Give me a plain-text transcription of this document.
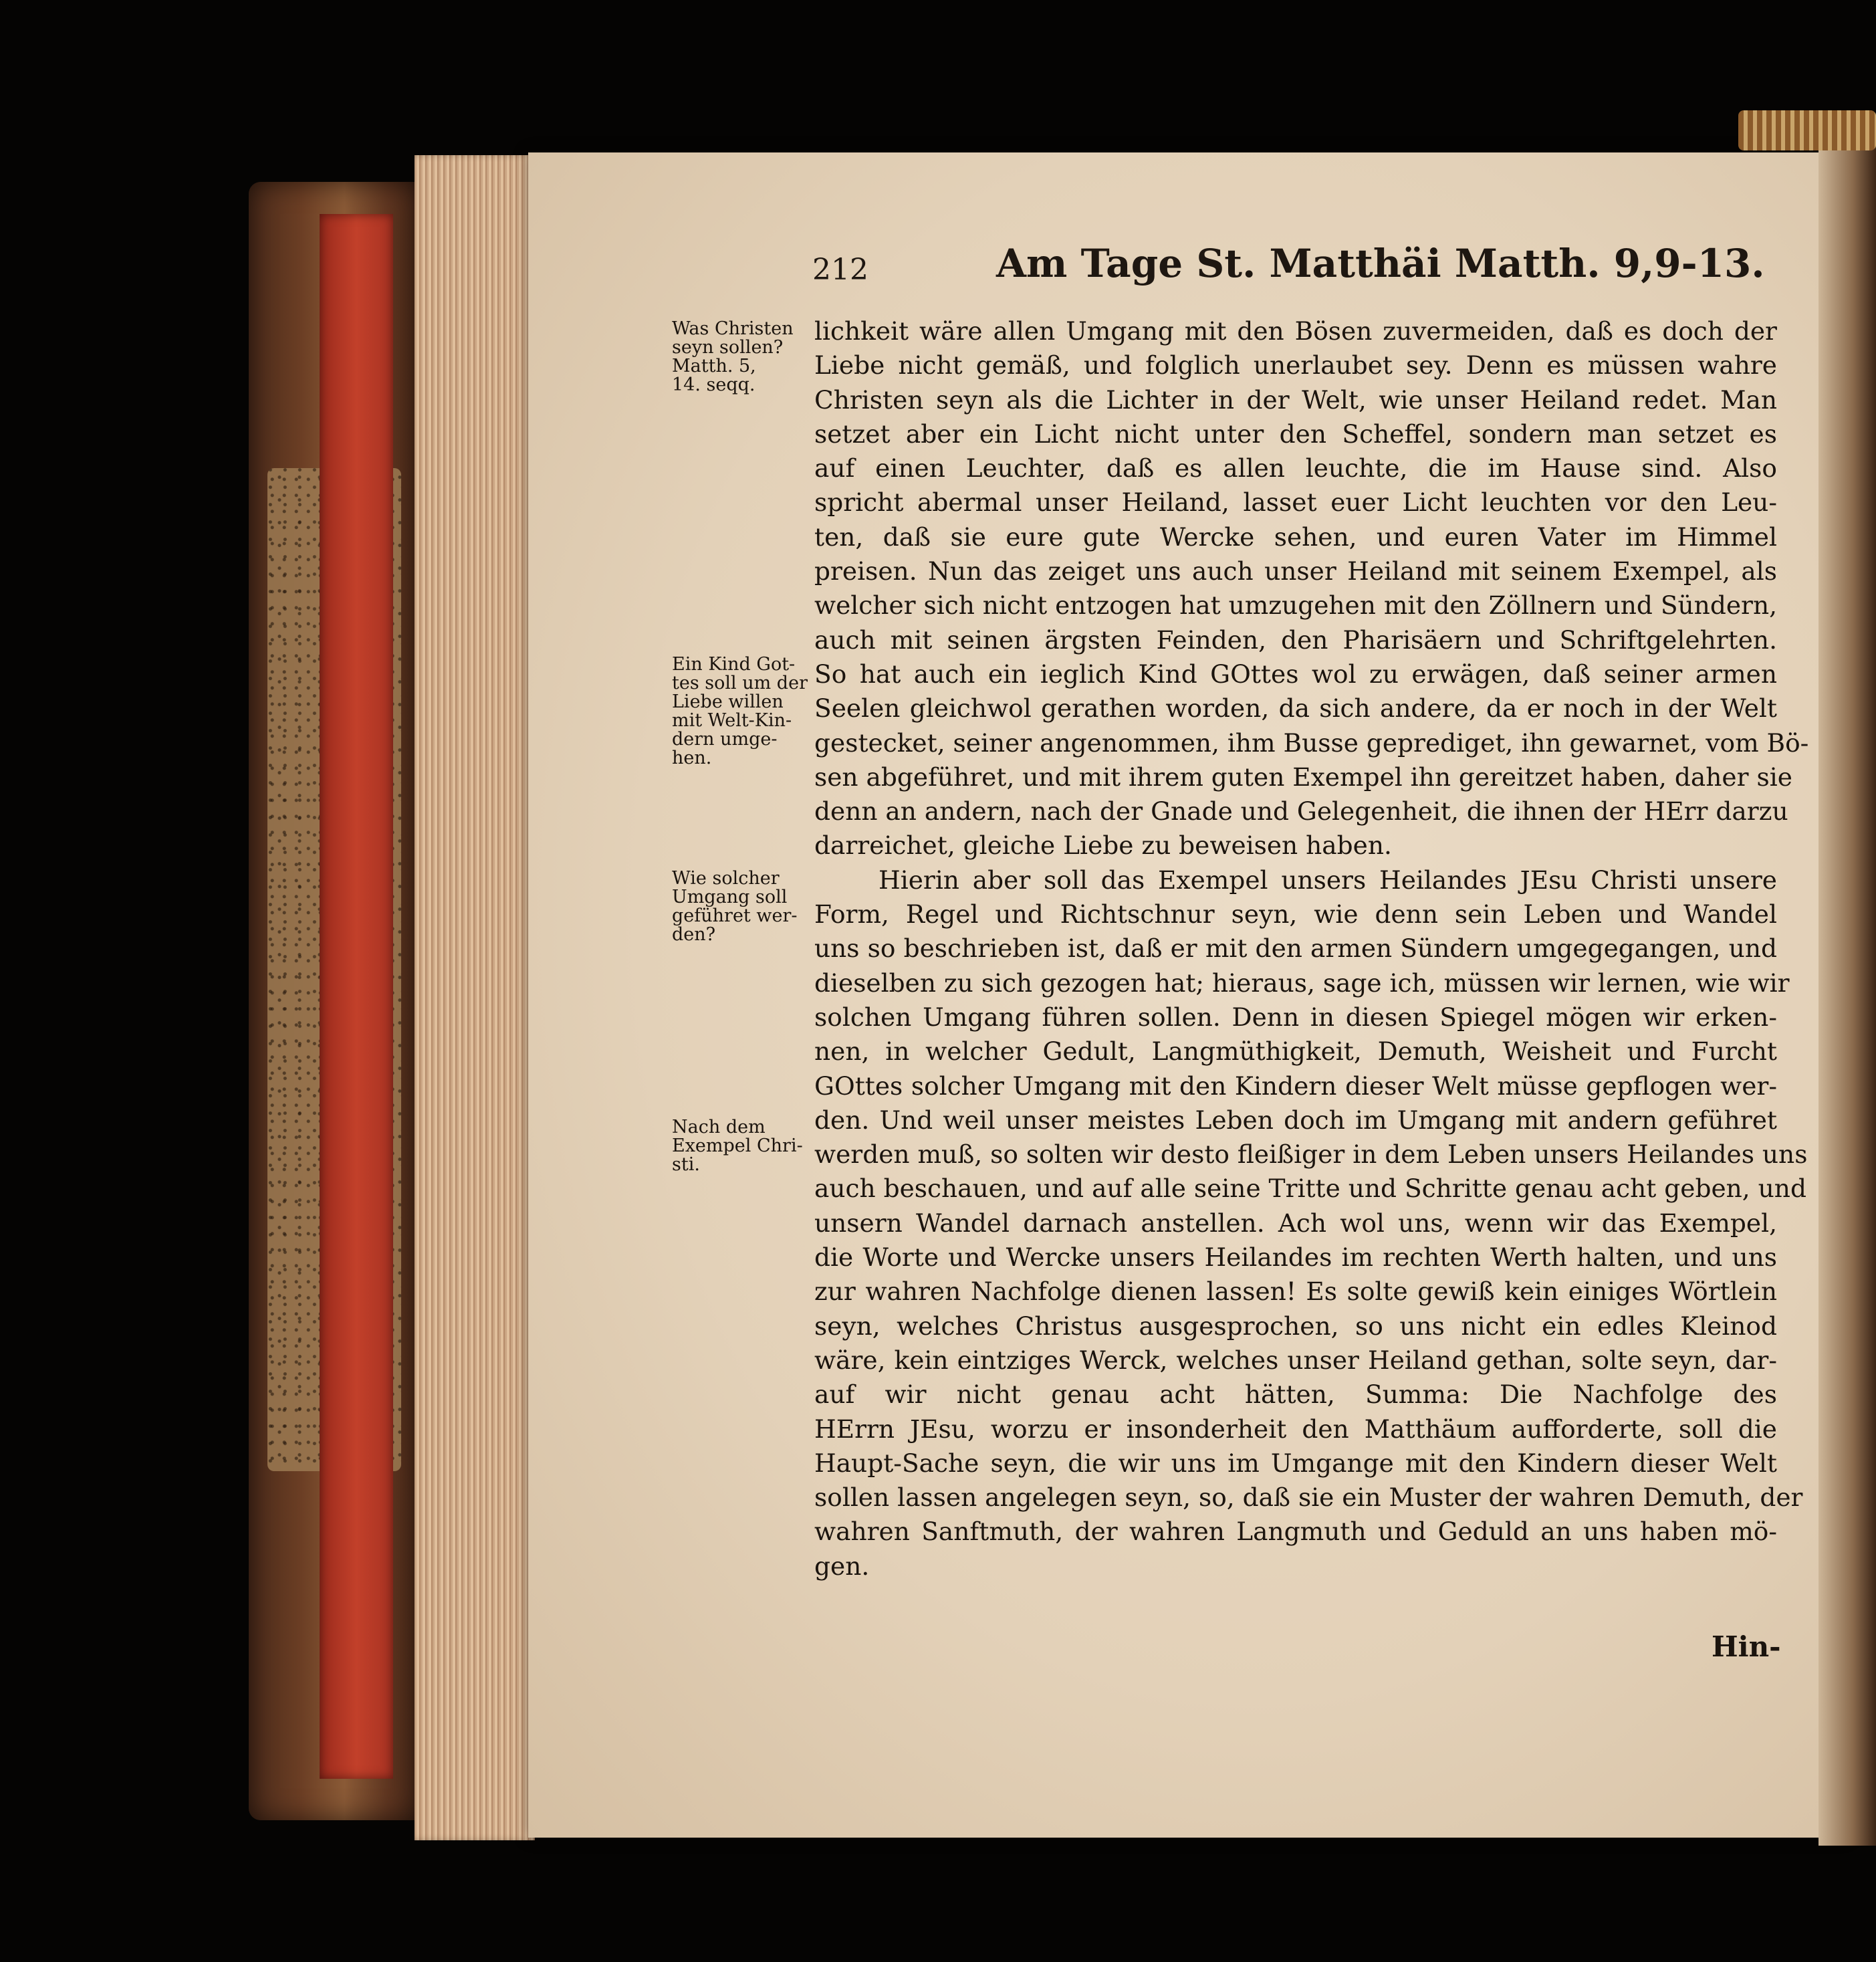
212	Am Tage St. Matthäi Matth. 9,9-13.
Was Christen
seyn sollen?
Matth. 5,
14. seqq.
Ein Kind Got-
tes soll um der
Liebe willen
mit Welt-Kin-
dern umge-
hen.
Wie solcher
Umgang soll
geführet wer-
den?
Nach dem
Exempel Chri-
sti.
lichkeit wäre allen Umgang mit den Bösen zuvermeiden, daß es doch der
Liebe nicht gemäß, und folglich unerlaubet sey. Denn es müssen wahre
Christen seyn als die Lichter in der Welt, wie unser Heiland redet. Man
setzet aber ein Licht nicht unter den Scheffel, sondern man setzet es
auf einen Leuchter, daß es allen leuchte, die im Hause sind. Also
spricht abermal unser Heiland, lasset euer Licht leuchten vor den Leu-
ten, daß sie eure gute Wercke sehen, und euren Vater im Himmel
preisen. Nun das zeiget uns auch unser Heiland mit seinem Exempel, als
welcher sich nicht entzogen hat umzugehen mit den Zöllnern und Sündern,
auch mit seinen ärgsten Feinden, den Pharisäern und Schriftgelehrten.
So hat auch ein ieglich Kind GOttes wol zu erwägen, daß seiner armen
Seelen gleichwol gerathen worden, da sich andere, da er noch in der Welt
gestecket, seiner angenommen, ihm Busse geprediget, ihn gewarnet, vom Bö-
sen abgeführet, und mit ihrem guten Exempel ihn gereitzet haben, daher sie
denn an andern, nach der Gnade und Gelegenheit, die ihnen der HErr darzu
darreichet, gleiche Liebe zu beweisen haben.
Hierin aber soll das Exempel unsers Heilandes JEsu Christi unsere
Form, Regel und Richtschnur seyn, wie denn sein Leben und Wandel
uns so beschrieben ist, daß er mit den armen Sündern umgegegangen, und
dieselben zu sich gezogen hat; hieraus, sage ich, müssen wir lernen, wie wir
solchen Umgang führen sollen. Denn in diesen Spiegel mögen wir erken-
nen, in welcher Gedult, Langmüthigkeit, Demuth, Weisheit und Furcht
GOttes solcher Umgang mit den Kindern dieser Welt müsse gepflogen wer-
den. Und weil unser meistes Leben doch im Umgang mit andern geführet
werden muß, so solten wir desto fleißiger in dem Leben unsers Heilandes uns
auch beschauen, und auf alle seine Tritte und Schritte genau acht geben, und
unsern Wandel darnach anstellen. Ach wol uns, wenn wir das Exempel,
die Worte und Wercke unsers Heilandes im rechten Werth halten, und uns
zur wahren Nachfolge dienen lassen! Es solte gewiß kein einiges Wörtlein
seyn, welches Christus ausgesprochen, so uns nicht ein edles Kleinod
wäre, kein eintziges Werck, welches unser Heiland gethan, solte seyn, dar-
auf wir nicht genau acht hätten, Summa: Die Nachfolge des
HErrn JEsu, worzu er insonderheit den Matthäum aufforderte, soll die
Haupt-Sache seyn, die wir uns im Umgange mit den Kindern dieser Welt
sollen lassen angelegen seyn, so, daß sie ein Muster der wahren Demuth, der
wahren Sanftmuth, der wahren Langmuth und Geduld an uns haben mö-
gen.
Hin-
